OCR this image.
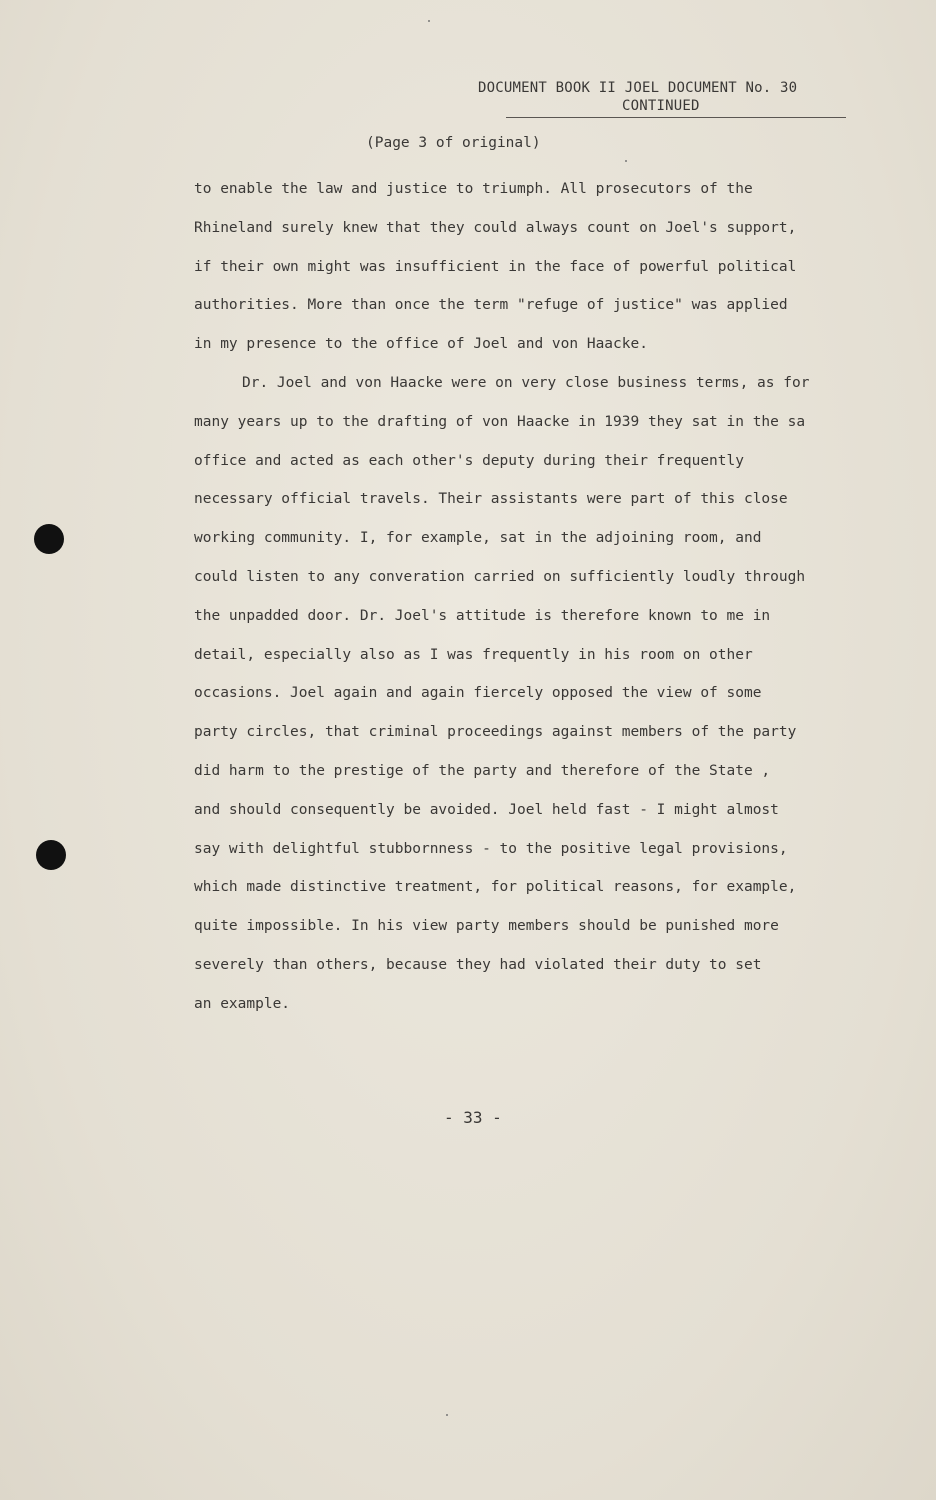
DOCUMENT BOOK II JOEL DOCUMENT No. 30
CONTINUED
(Page 3 of original)
to enable the law and justice to triumph. All prosecutors of the
Rhineland surely knew that they could always count on Joel's support,
if their own might was insufficient in the face of powerful political
authorities. More than once the term "refuge of justice" was applied
in my presence to the office of Joel and von Haacke.
Dr. Joel and von Haacke were on very close business terms, as for
many years up to the drafting of von Haacke in 1939 they sat in the sa
office and acted as each other's deputy during their frequently
necessary official travels. Their assistants were part of this close
working community. I, for example, sat in the adjoining room, and
could listen to any converation carried on sufficiently loudly through
the unpadded door. Dr. Joel's attitude is therefore known to me in
detail, especially also as I was frequently in his room on other
occasions. Joel again and again fiercely opposed the view of some
party circles, that criminal proceedings against members of the party
did harm to the prestige of the party and therefore of the State ,
and should consequently be avoided. Joel held fast - I might almost
say with delightful stubbornness - to the positive legal provisions,
which made distinctive treatment, for political reasons, for example,
quite impossible. In his view party members should be punished more
severely than others, because they had violated their duty to set
an example.
- 33 -
